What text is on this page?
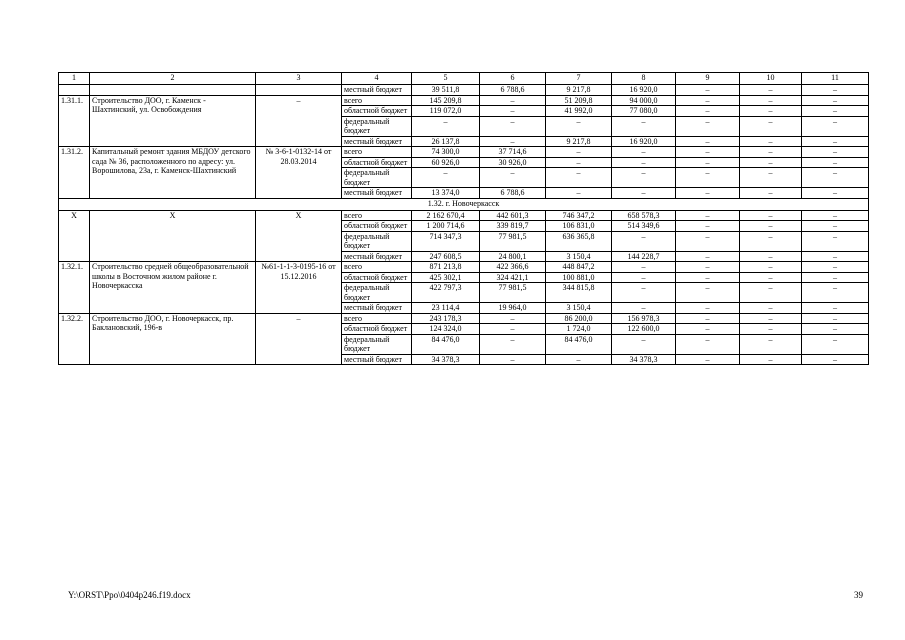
1	2	3	4	5	6	7	8	9	10	11
			местный бюджет	39 511,8	6 788,6	9 217,8	16 920,0	–	–	–
1.31.1.	Строительство ДОО, г. Каменск - Шахтинский, ул. Освобождения	–	всего	145 209,8	–	51 209,8	94 000,0	–	–	–
			областной бюджет	119 072,0	–	41 992,0	77 080,0	–	–	–
			федеральный бюджет	–	–	–	–	–	–	–
			местный бюджет	26 137,8	–	9 217,8	16 920,0	–	–	–
1.31.2.	Капитальный ремонт здания МБДОУ детского сада № 36, расположенного по адресу: ул. Ворошилова, 23а, г. Каменск-Шахтинский	№ 3-6-1-0132-14 от 28.03.2014	всего	74 300,0	37 714,6	–	–	–	–	–
			областной бюджет	60 926,0	30 926,0	–	–	–	–	–
			федеральный бюджет	–	–	–	–	–	–	–
			местный бюджет	13 374,0	6 788,6	–	–	–	–	–
1.32. г. Новочеркасск										
Х	Х	Х	всего	2 162 670,4	442 601,3	746 347,2	658 578,3	–	–	–
			областной бюджет	1 200 714,6	339 819,7	106 831,0	514 349,6	–	–	–
			федеральный бюджет	714 347,3	77 981,5	636 365,8	–	–	–	–
			местный бюджет	247 608,5	24 800,1	3 150,4	144 228,7	–	–	–
1.32.1.	Строительство средней общеобразовательной школы в Восточном жилом районе г. Новочеркасска	№61-1-1-3-0195-16 от 15.12.2016	всего	871 213,8	422 366,6	448 847,2	–	–	–	–
			областной бюджет	425 302,1	324 421,1	100 881,0	–	–	–	–
			федеральный бюджет	422 797,3	77 981,5	344 815,8	–	–	–	–
			местный бюджет	23 114,4	19 964,0	3 150,4	–	–	–	–
1.32.2.	Строительство ДОО, г. Новочеркасск, пр. Баклановский, 196-в	–	всего	243 178,3	–	86 200,0	156 978,3	–	–	–
			областной бюджет	124 324,0	–	1 724,0	122 600,0	–	–	–
			федеральный бюджет	84 476,0	–	84 476,0	–	–	–	–
			местный бюджет	34 378,3	–	–	34 378,3	–	–	–
Y:\ORST\Ppo\0404p246.f19.docx	39
